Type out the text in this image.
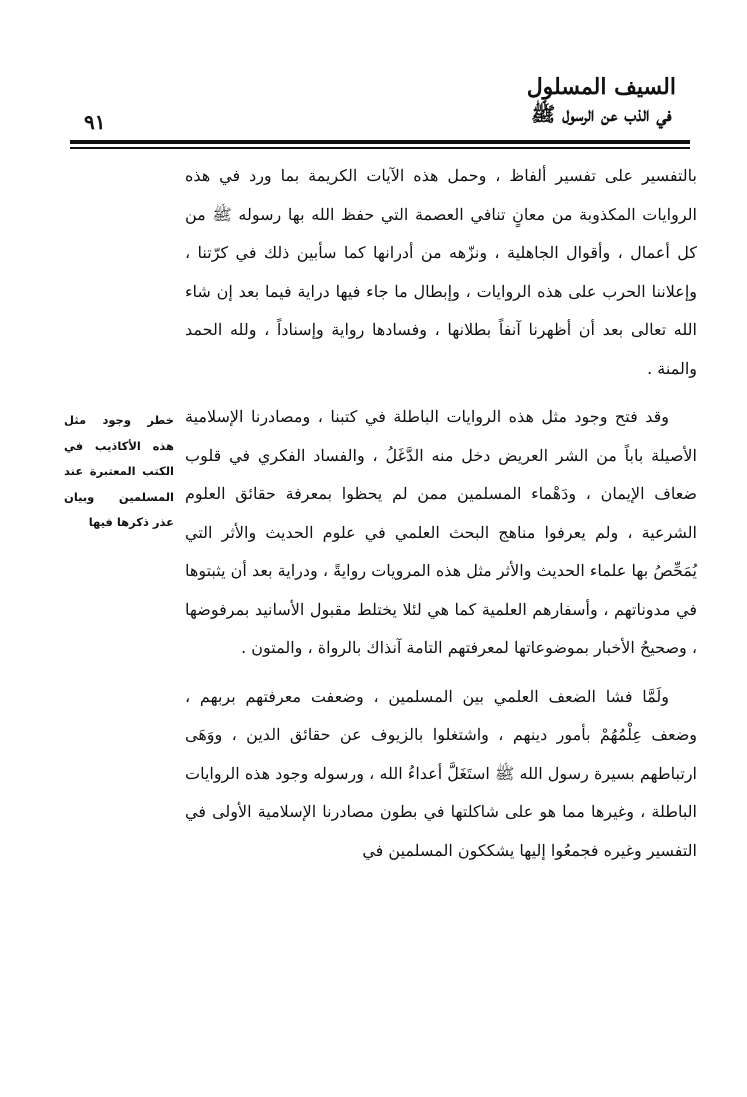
السيف المسلول
في الذب عن الرسول ﷺ
٩١

بالتفسير على تفسير ألفاظ ، وحمل هذه الآيات الكريمة بما ورد في هذه الروايات المكذوبة من معانٍ تنافي العصمة التي حفظ الله بها رسوله ﷺ من كل أعمال ، وأقوال الجاهلية ، ونزّهه من أدرانها كما سأبين ذلك في كرّتنا ، وإعلاننا الحرب على هذه الروايات ، وإبطال ما جاء فيها دراية فيما بعد إن شاء الله تعالى بعد أن أظهرنا آنفاً بطلانها ، وفسادها رواية وإسناداً ، ولله الحمد والمنة .

وقد فتح وجود مثل هذه الروايات الباطلة في كتبنا ، ومصادرنا الإسلامية الأصيلة باباً من الشر العريض دخل منه الدَّغَلُ ، والفساد الفكري في قلوب ضعاف الإيمان ، ودَهْماء المسلمين ممن لم يحظوا بمعرفة حقائق العلوم الشرعية ، ولم يعرفوا مناهج البحث العلمي في علوم الحديث والأثر التي يُمَحِّصُ بها علماء الحديث والأثر مثل هذه المرويات روايةً ، ودراية بعد أن يثبتوها في مدوناتهم ، وأسفارهم العلمية كما هي لئلا يختلط مقبول الأسانيد بمرفوضها ، وصحيحُ الأخبار بموضوعاتها لمعرفتهم التامة آنذاك بالرواة ، والمتون .

ولَمَّا فشا الضعف العلمي بين المسلمين ، وضعفت معرفتهم بربهم ، وضعف عِلْمُهُمْ بأمور دينهم ، واشتغلوا بالزيوف عن حقائق الدين ، ووَهَى ارتباطهم بسيرة رسول الله ﷺ استَغَلَّ أعداءُ الله ، ورسوله وجود هذه الروايات الباطلة ، وغيرها مما هو على شاكلتها في بطون مصادرنا الإسلامية الأولى في التفسير وغيره فجمعُوا إليها يشككون المسلمين في

خطر وجود مثل هذه الأكاذيب في الكتب المعتبرة عند المسلمين وبيان عذر ذكرها فيها
